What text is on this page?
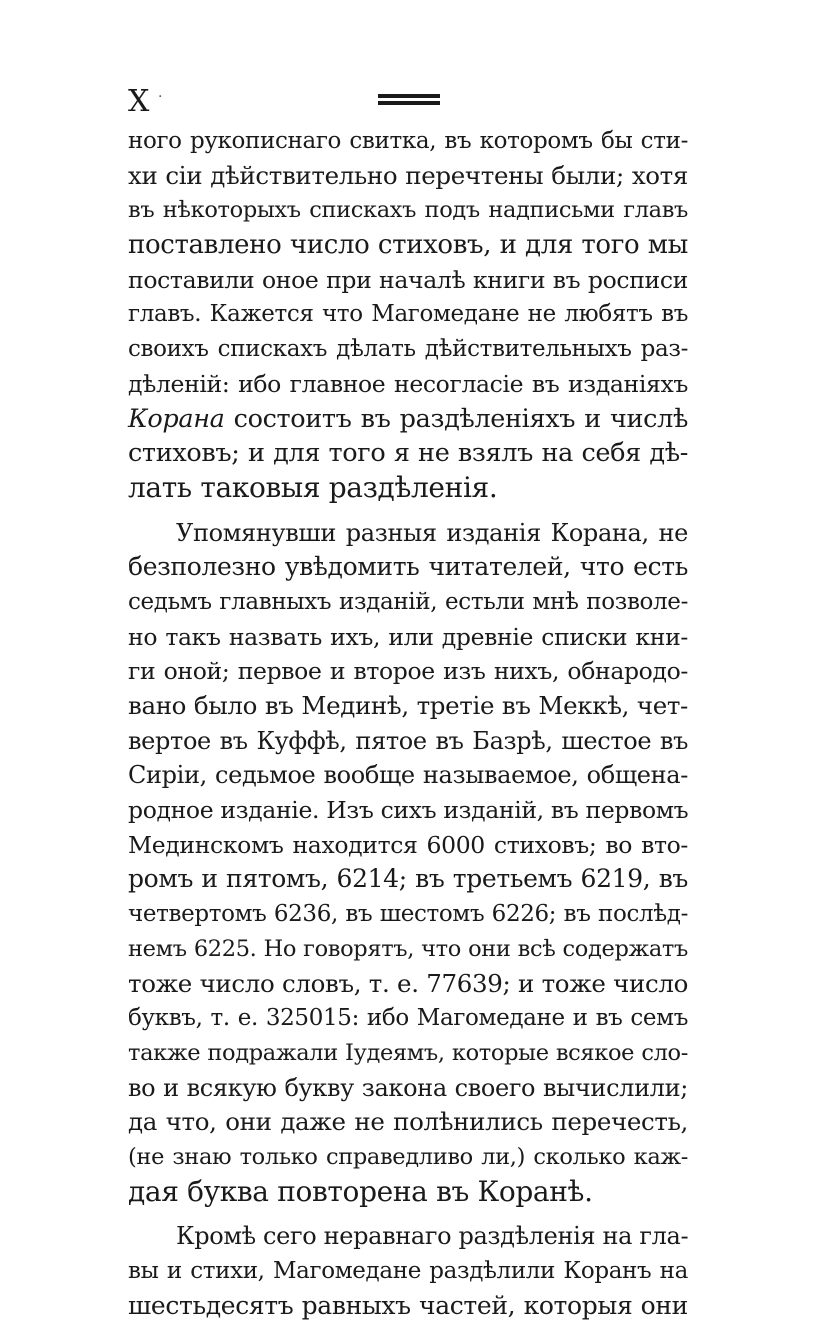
X ·
ного рукописнаго свитка, въ которомъ бы сти-
хи сіи дѣйствительно перечтены были; хотя
въ нѣкоторыхъ спискахъ подъ надписьми главъ
поставлено число стиховъ, и для того мы
поставили оное при началѣ книги въ росписи
главъ. Кажется что Магомедане не любятъ въ
своихъ спискахъ дѣлать дѣйствительныхъ раз-
дѣленій: ибо главное несогласіе въ изданіяхъ
Корана состоитъ въ раздѣленіяхъ и числѣ
стиховъ; и для того я не взялъ на себя дѣ-
лать таковыя раздѣленія.
Упомянувши разныя изданія Корана, не
безполезно увѣдомить читателей, что есть
седьмъ главныхъ изданій, естьли мнѣ позволе-
но такъ назвать ихъ, или древніе списки кни-
ги оной; первое и второе изъ нихъ, обнародо-
вано было въ Мединѣ, третіе въ Меккѣ, чет-
вертое въ Куффѣ, пятое въ Базрѣ, шестое въ
Сиріи, седьмое вообще называемое, общена-
родное изданіе. Изъ сихъ изданій, въ первомъ
Мединскомъ находится 6000 стиховъ; во вто-
ромъ и пятомъ, 6214; въ третьемъ 6219, въ
четвертомъ 6236, въ шестомъ 6226; въ послѣд-
немъ 6225. Но говорятъ, что они всѣ содержатъ
тоже число словъ, т. е. 77639; и тоже число
буквъ, т. е. 325015: ибо Магомедане и въ семъ
также подражали Іудеямъ, которые всякое сло-
во и всякую букву закона своего вычислили;
да что, они даже не полѣнились перечесть,
(не знаю только справедливо ли,) сколько каж-
дая буква повторена въ Коранѣ.
Кромѣ сего неравнаго раздѣленія на гла-
вы и стихи, Магомедане раздѣлили Коранъ на
шестьдесятъ равныхъ частей, которыя они
